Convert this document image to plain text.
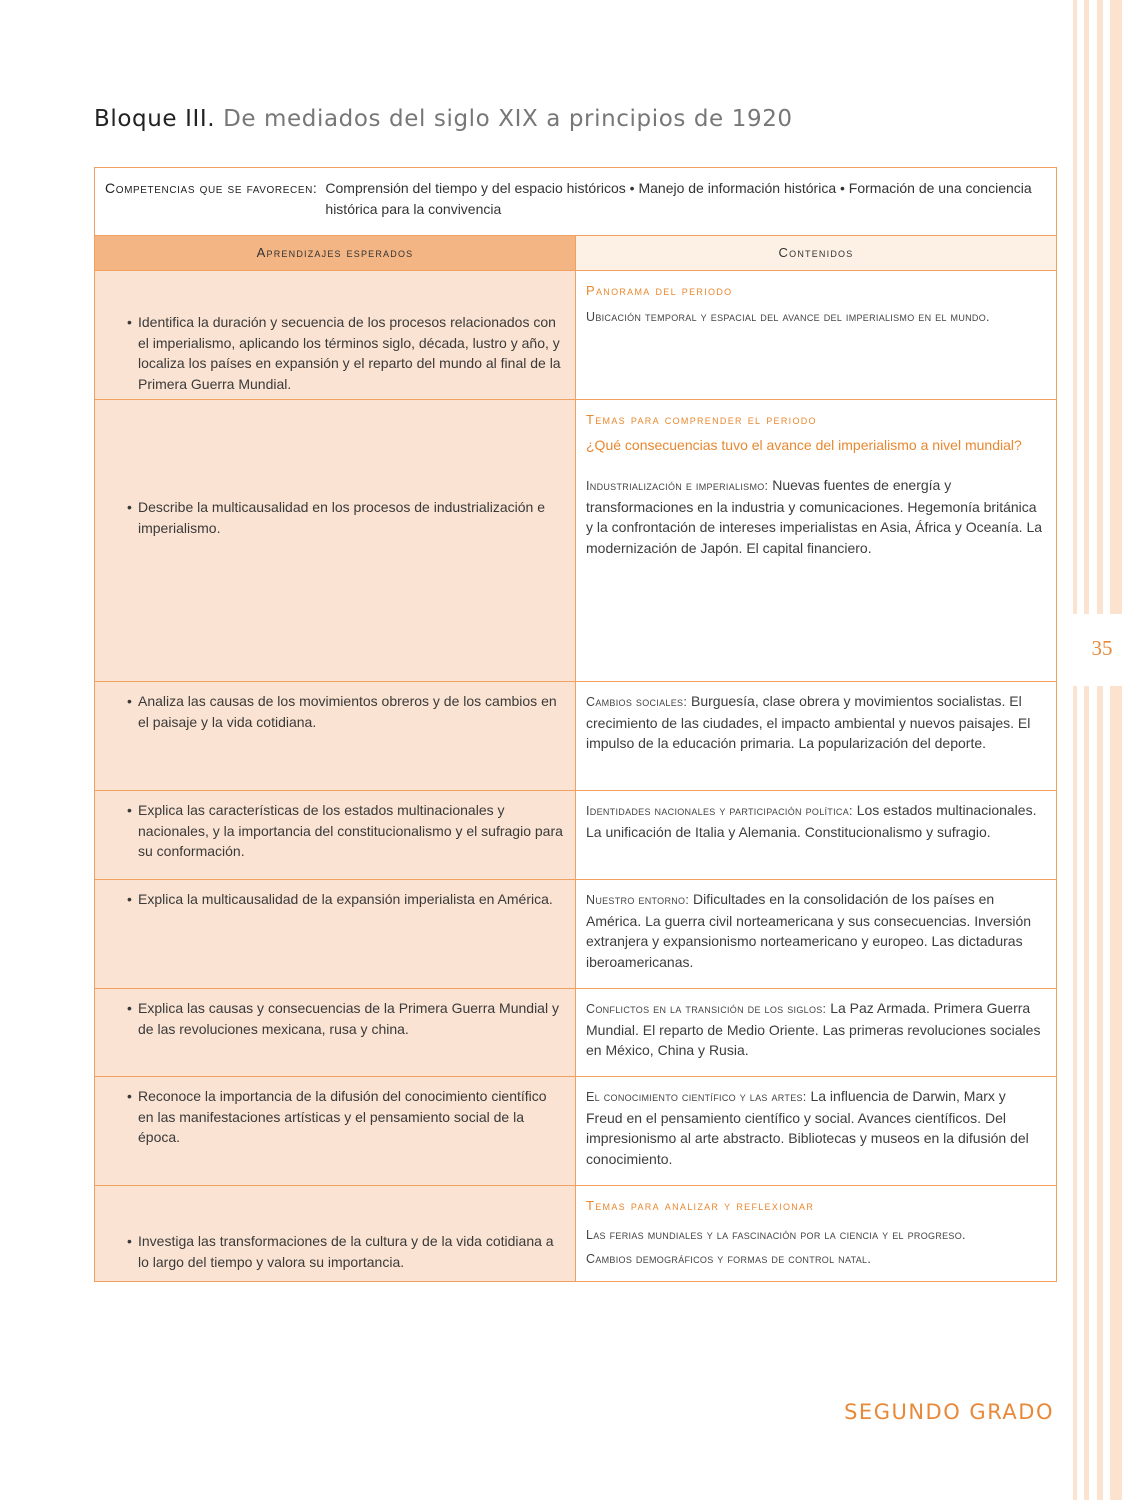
35
Bloque III. De mediados del siglo XIX a principios de 1920
Competencias que se favorecen: Comprensión del tiempo y del espacio históricos • Manejo de información histórica • Formación de una conciencia histórica para la convivencia	

Aprendizajes esperados	Contenidos

• Identifica la duración y secuencia de los procesos relacionados con el imperialismo, aplicando los términos siglo, década, lustro y año, y localiza los países en expansión y el reparto del mundo al final de la Primera Guerra Mundial.	Panorama del periodo
Ubicación temporal y espacial del avance del imperialismo en el mundo.

• Describe la multicausalidad en los procesos de industrialización e imperialismo.	Temas para comprender el periodo
¿Qué consecuencias tuvo el avance del imperialismo a nivel mundial?
Industrialización e imperialismo: Nuevas fuentes de energía y transformaciones en la industria y comunicaciones. Hegemonía británica y la confrontación de intereses imperialistas en Asia, África y Oceanía. La modernización de Japón. El capital financiero.

• Analiza las causas de los movimientos obreros y de los cambios en el paisaje y la vida cotidiana.	Cambios sociales: Burguesía, clase obrera y movimientos socialistas. El crecimiento de las ciudades, el impacto ambiental y nuevos paisajes. El impulso de la educación primaria. La popularización del deporte.

• Explica las características de los estados multinacionales y nacionales, y la importancia del constitucionalismo y el sufragio para su conformación.	Identidades nacionales y participación política: Los estados multinacionales. La unificación de Italia y Alemania. Constitucionalismo y sufragio.

• Explica la multicausalidad de la expansión imperialista en América.	Nuestro entorno: Dificultades en la consolidación de los países en América. La guerra civil norteamericana y sus consecuencias. Inversión extranjera y expansionismo norteamericano y europeo. Las dictaduras iberoamericanas.

• Explica las causas y consecuencias de la Primera Guerra Mundial y de las revoluciones mexicana, rusa y china.	Conflictos en la transición de los siglos: La Paz Armada. Primera Guerra Mundial. El reparto de Medio Oriente. Las primeras revoluciones sociales en México, China y Rusia.

• Reconoce la importancia de la difusión del conocimiento científico en las manifestaciones artísticas y el pensamiento social de la época.	El conocimiento científico y las artes: La influencia de Darwin, Marx y Freud en el pensamiento científico y social. Avances científicos. Del impresionismo al arte abstracto. Bibliotecas y museos en la difusión del conocimiento.

• Investiga las transformaciones de la cultura y de la vida cotidiana a lo largo del tiempo y valora su importancia.	Temas para analizar y reflexionar
Las ferias mundiales y la fascinación por la ciencia y el progreso.
Cambios demográficos y formas de control natal.

SEGUNDO GRADO
